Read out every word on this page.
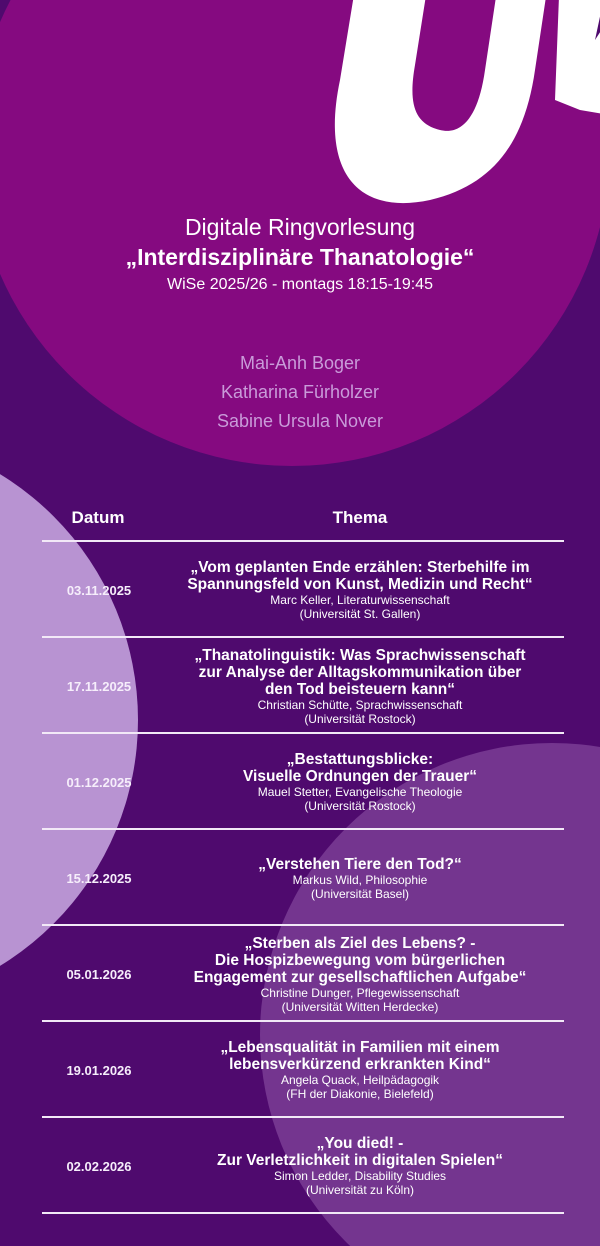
Digitale Ringvorlesung
„Interdisziplinäre Thanatologie“
WiSe 2025/26 - montags 18:15-19:45
Mai-Anh Boger
Katharina Fürholzer
Sabine Ursula Nover
Datum	Thema
03.11.2025
„Vom geplanten Ende erzählen: Sterbehilfe im
Spannungsfeld von Kunst, Medizin und Recht“
Marc Keller, Literaturwissenschaft
(Universität St. Gallen)
17.11.2025
„Thanatolinguistik: Was Sprachwissenschaft
zur Analyse der Alltagskommunikation über
den Tod beisteuern kann“
Christian Schütte, Sprachwissenschaft
(Universität Rostock)
01.12.2025
„Bestattungsblicke:
Visuelle Ordnungen der Trauer“
Mauel Stetter, Evangelische Theologie
(Universität Rostock)
15.12.2025
„Verstehen Tiere den Tod?“
Markus Wild, Philosophie
(Universität Basel)
05.01.2026
„Sterben als Ziel des Lebens? -
Die Hospizbewegung vom bürgerlichen
Engagement zur gesellschaftlichen Aufgabe“
Christine Dunger, Pflegewissenschaft
(Universität Witten Herdecke)
19.01.2026
„Lebensqualität in Familien mit einem
lebensverkürzend erkrankten Kind“
Angela Quack, Heilpädagogik
(FH der Diakonie, Bielefeld)
02.02.2026
„You died! -
Zur Verletzlichkeit in digitalen Spielen“
Simon Ledder, Disability Studies
(Universität zu Köln)
